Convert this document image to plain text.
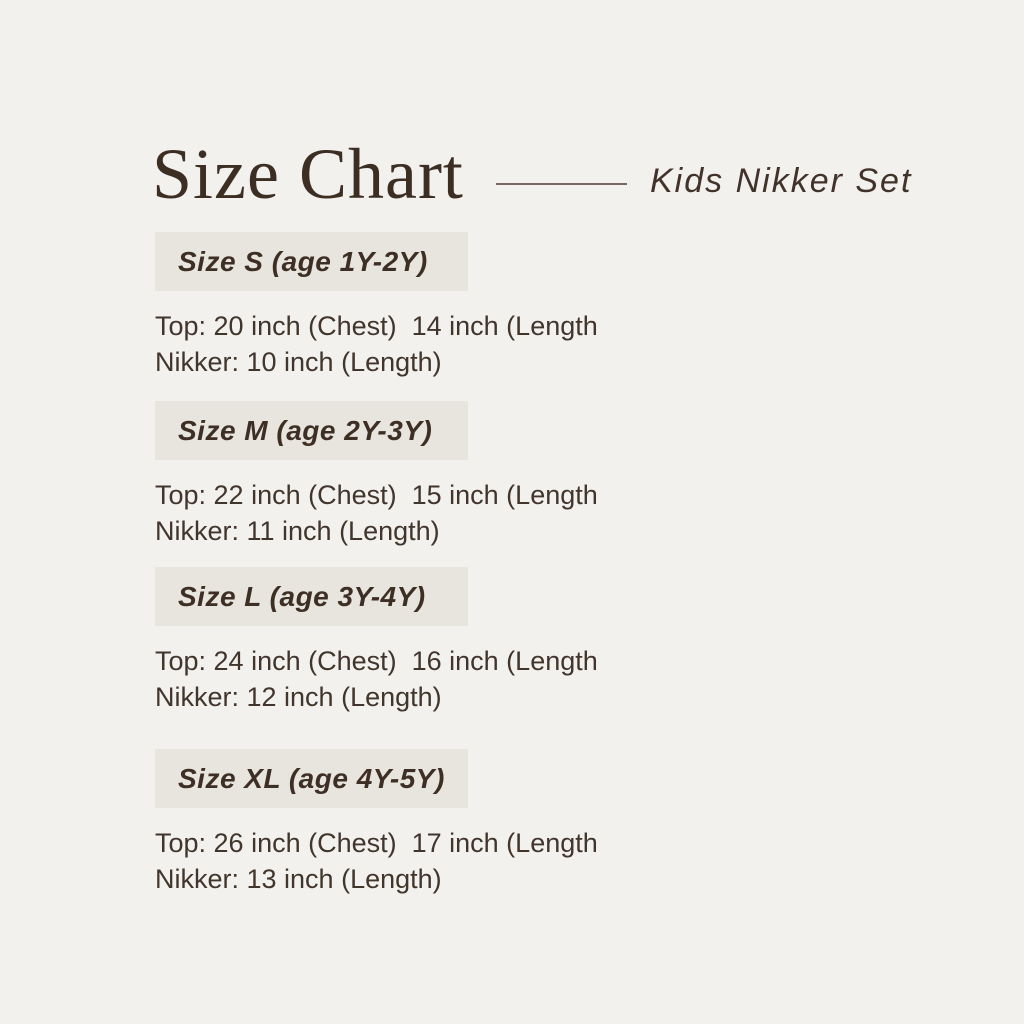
Size Chart	Kids Nikker Set
Size S (age 1Y-2Y)
Top: 20 inch (Chest)  14 inch (Length
Nikker: 10 inch (Length)
Size M (age 2Y-3Y)
Top: 22 inch (Chest)  15 inch (Length
Nikker: 11 inch (Length)
Size L (age 3Y-4Y)
Top: 24 inch (Chest)  16 inch (Length
Nikker: 12 inch (Length)
Size XL (age 4Y-5Y)
Top: 26 inch (Chest)  17 inch (Length
Nikker: 13 inch (Length)
